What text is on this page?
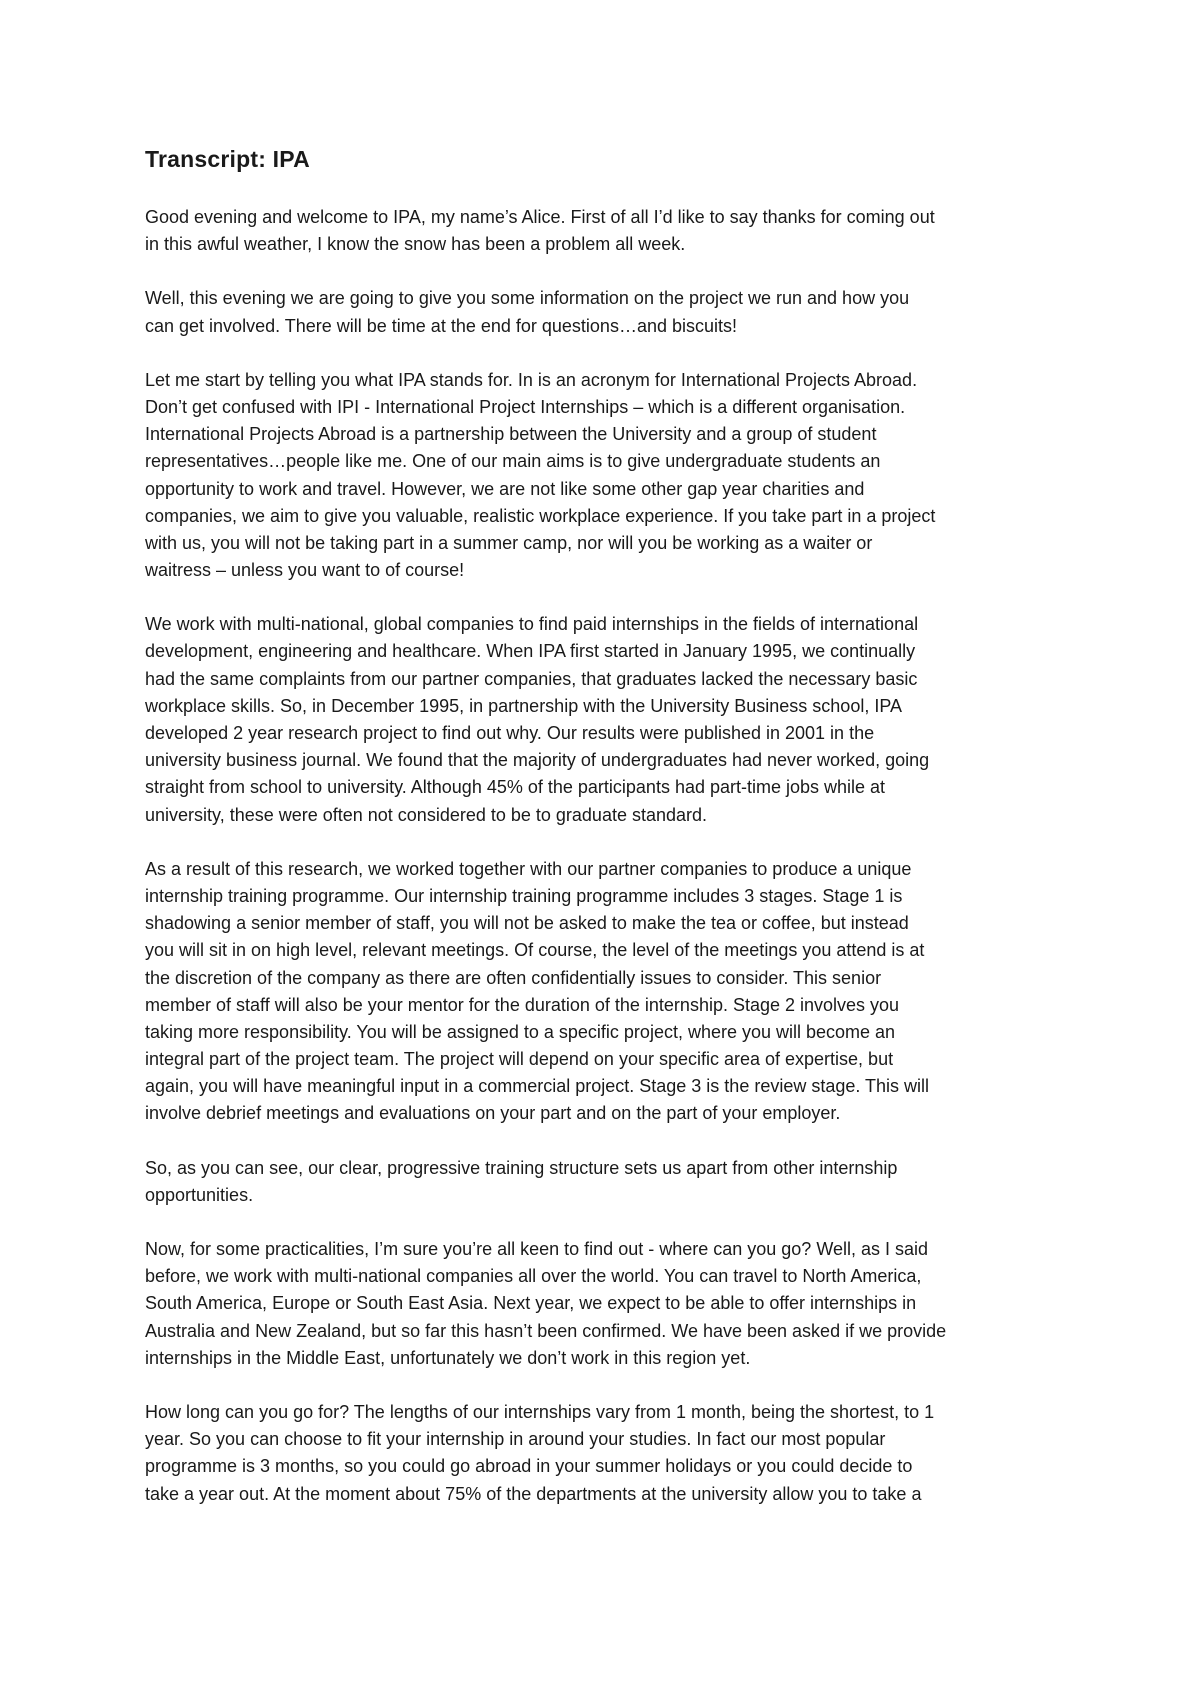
Transcript: IPA
Good evening and welcome to IPA, my name’s Alice. First of all I’d like to say thanks for coming out
in this awful weather, I know the snow has been a problem all week.
Well, this evening we are going to give you some information on the project we run and how you
can get involved. There will be time at the end for questions…and biscuits!
Let me start by telling you what IPA stands for. In is an acronym for International Projects Abroad.
Don’t get confused with IPI - International Project Internships – which is a different organisation.
International Projects Abroad is a partnership between the University and a group of student
representatives…people like me. One of our main aims is to give undergraduate students an
opportunity to work and travel. However, we are not like some other gap year charities and
companies, we aim to give you valuable, realistic workplace experience. If you take part in a project
with us, you will not be taking part in a summer camp, nor will you be working as a waiter or
waitress – unless you want to of course!
We work with multi-national, global companies to find paid internships in the fields of international
development, engineering and healthcare. When IPA first started in January 1995, we continually
had the same complaints from our partner companies, that graduates lacked the necessary basic
workplace skills. So, in December 1995, in partnership with the University Business school, IPA
developed 2 year research project to find out why. Our results were published in 2001 in the
university business journal. We found that the majority of undergraduates had never worked, going
straight from school to university. Although 45% of the participants had part-time jobs while at
university, these were often not considered to be to graduate standard.
As a result of this research, we worked together with our partner companies to produce a unique
internship training programme. Our internship training programme includes 3 stages. Stage 1 is
shadowing a senior member of staff, you will not be asked to make the tea or coffee, but instead
you will sit in on high level, relevant meetings. Of course, the level of the meetings you attend is at
the discretion of the company as there are often confidentially issues to consider. This senior
member of staff will also be your mentor for the duration of the internship. Stage 2 involves you
taking more responsibility. You will be assigned to a specific project, where you will become an
integral part of the project team. The project will depend on your specific area of expertise, but
again, you will have meaningful input in a commercial project. Stage 3 is the review stage. This will
involve debrief meetings and evaluations on your part and on the part of your employer.
So, as you can see, our clear, progressive training structure sets us apart from other internship
opportunities.
Now, for some practicalities, I’m sure you’re all keen to find out - where can you go? Well, as I said
before, we work with multi-national companies all over the world. You can travel to North America,
South America, Europe or South East Asia. Next year, we expect to be able to offer internships in
Australia and New Zealand, but so far this hasn’t been confirmed. We have been asked if we provide
internships in the Middle East, unfortunately we don’t work in this region yet.
How long can you go for? The lengths of our internships vary from 1 month, being the shortest, to 1
year. So you can choose to fit your internship in around your studies. In fact our most popular
programme is 3 months, so you could go abroad in your summer holidays or you could decide to
take a year out. At the moment about 75% of the departments at the university allow you to take a
